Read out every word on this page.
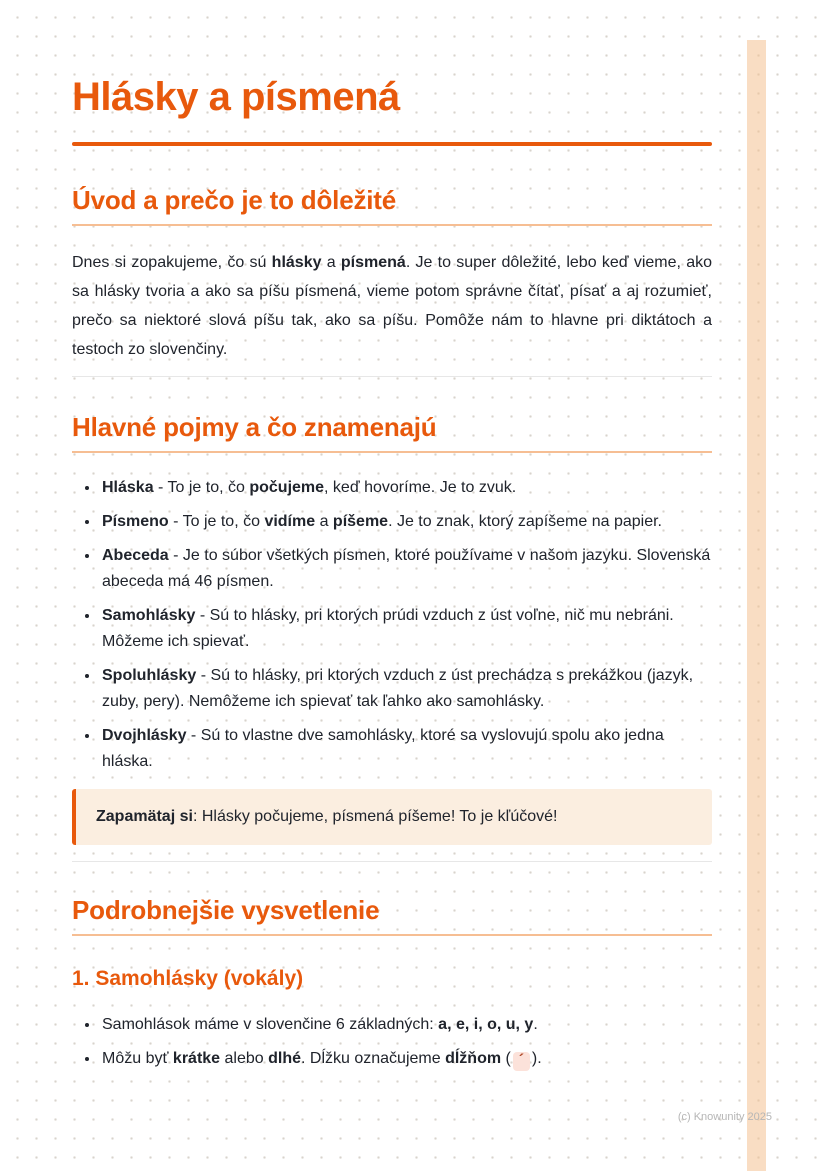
Hlásky a písmená
Úvod a prečo je to dôležité

Dnes si zopakujeme, čo sú hlásky a písmená. Je to super dôležité, lebo keď vieme, ako sa hlásky tvoria a ako sa píšu písmená, vieme potom správne čítať, písať a aj rozumieť, prečo sa niektoré slová píšu tak, ako sa píšu. Pomôže nám to hlavne pri diktátoch a testoch zo slovenčiny.

Hlavné pojmy a čo znamenajú
• Hláska - To je to, čo počujeme, keď hovoríme. Je to zvuk.
• Písmeno - To je to, čo vidíme a píšeme. Je to znak, ktorý zapíšeme na papier.
• Abeceda - Je to súbor všetkých písmen, ktoré používame v našom jazyku. Slovenská abeceda má 46 písmen.
• Samohlásky - Sú to hlásky, pri ktorých prúdi vzduch z úst voľne, nič mu nebráni. Môžeme ich spievať.
• Spoluhlásky - Sú to hlásky, pri ktorých vzduch z úst prechádza s prekážkou (jazyk, zuby, pery). Nemôžeme ich spievať tak ľahko ako samohlásky.
• Dvojhlásky - Sú to vlastne dve samohlásky, ktoré sa vyslovujú spolu ako jedna hláska.

Zapamätaj si: Hlásky počujeme, písmená píšeme! To je kľúčové!

Podrobnejšie vysvetlenie
1. Samohlásky (vokály)
• Samohlások máme v slovenčine 6 základných: a, e, i, o, u, y.
• Môžu byť krátke alebo dlhé. Dĺžku označujeme dĺžňom ( ´ ).
(c) Knowunity 2025
